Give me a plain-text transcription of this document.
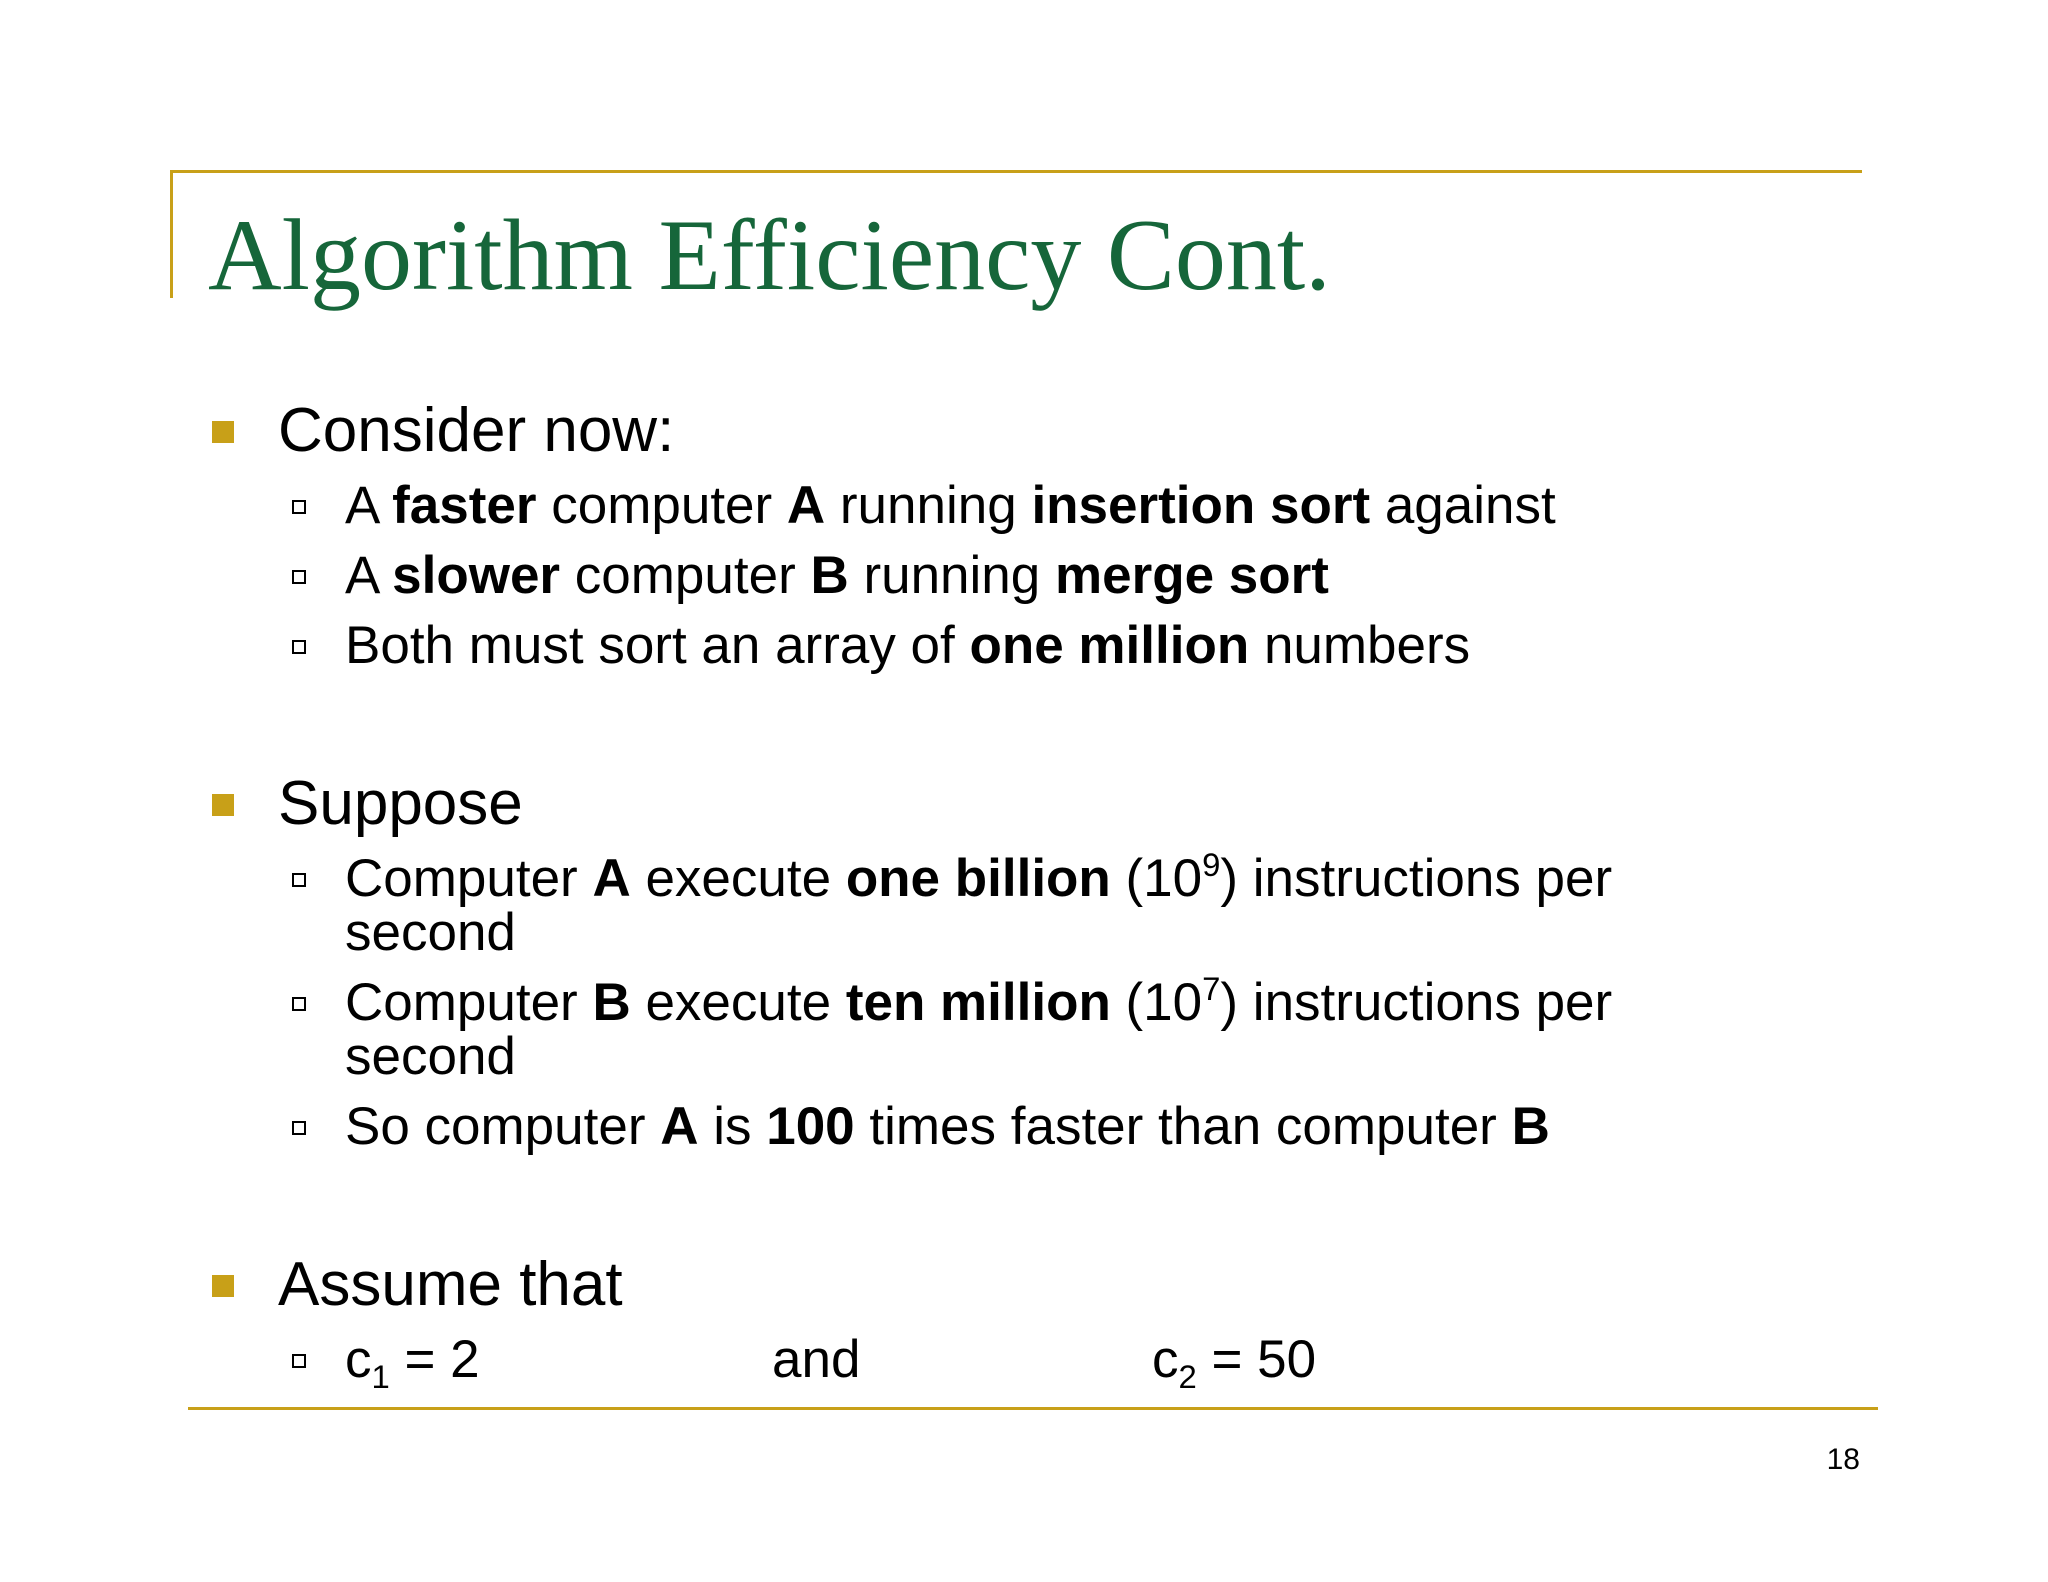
Algorithm Efficiency Cont.
Consider now:
A faster computer A running insertion sort against
A slower computer B running merge sort
Both must sort an array of one million numbers
Suppose
Computer A execute one billion $(10^9)$ instructions per
second
Computer B execute ten million $(10^7)$ instructions per
second
So computer A is 100 times faster than computer B
Assume that
$c_1 = 2$	and	$c_2 = 50$
18
